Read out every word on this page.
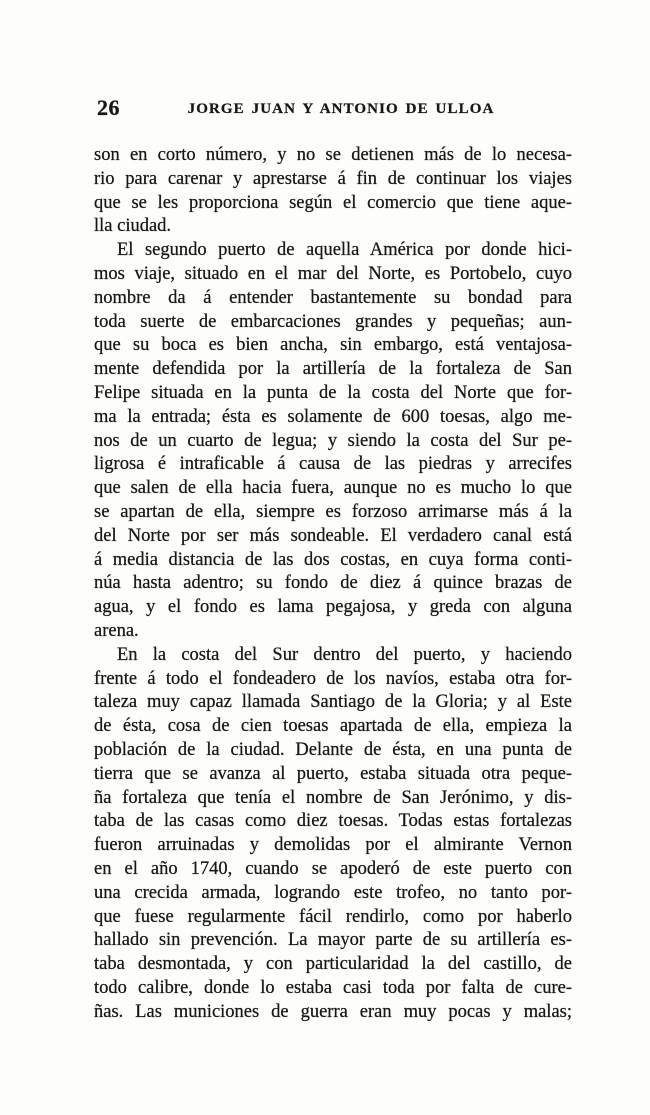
26	JORGE JUAN Y ANTONIO DE ULLOA
son en corto número, y no se detienen más de lo necesa-
rio para carenar y aprestarse á fin de continuar los viajes
que se les proporciona según el comercio que tiene aque-
lla ciudad.
El segundo puerto de aquella América por donde hici-
mos viaje, situado en el mar del Norte, es Portobelo, cuyo
nombre da á entender bastantemente su bondad para
toda suerte de embarcaciones grandes y pequeñas; aun-
que su boca es bien ancha, sin embargo, está ventajosa-
mente defendida por la artillería de la fortaleza de San
Felipe situada en la punta de la costa del Norte que for-
ma la entrada; ésta es solamente de 600 toesas, algo me-
nos de un cuarto de legua; y siendo la costa del Sur pe-
ligrosa é intraficable á causa de las piedras y arrecifes
que salen de ella hacia fuera, aunque no es mucho lo que
se apartan de ella, siempre es forzoso arrimarse más á la
del Norte por ser más sondeable. El verdadero canal está
á media distancia de las dos costas, en cuya forma conti-
núa hasta adentro; su fondo de diez á quince brazas de
agua, y el fondo es lama pegajosa, y greda con alguna
arena.
En la costa del Sur dentro del puerto, y haciendo
frente á todo el fondeadero de los navíos, estaba otra for-
taleza muy capaz llamada Santiago de la Gloria; y al Este
de ésta, cosa de cien toesas apartada de ella, empieza la
población de la ciudad. Delante de ésta, en una punta de
tierra que se avanza al puerto, estaba situada otra peque-
ña fortaleza que tenía el nombre de San Jerónimo, y dis-
taba de las casas como diez toesas. Todas estas fortalezas
fueron arruinadas y demolidas por el almirante Vernon
en el año 1740, cuando se apoderó de este puerto con
una crecida armada, logrando este trofeo, no tanto por-
que fuese regularmente fácil rendirlo, como por haberlo
hallado sin prevención. La mayor parte de su artillería es-
taba desmontada, y con particularidad la del castillo, de
todo calibre, donde lo estaba casi toda por falta de cure-
ñas. Las municiones de guerra eran muy pocas y malas;
